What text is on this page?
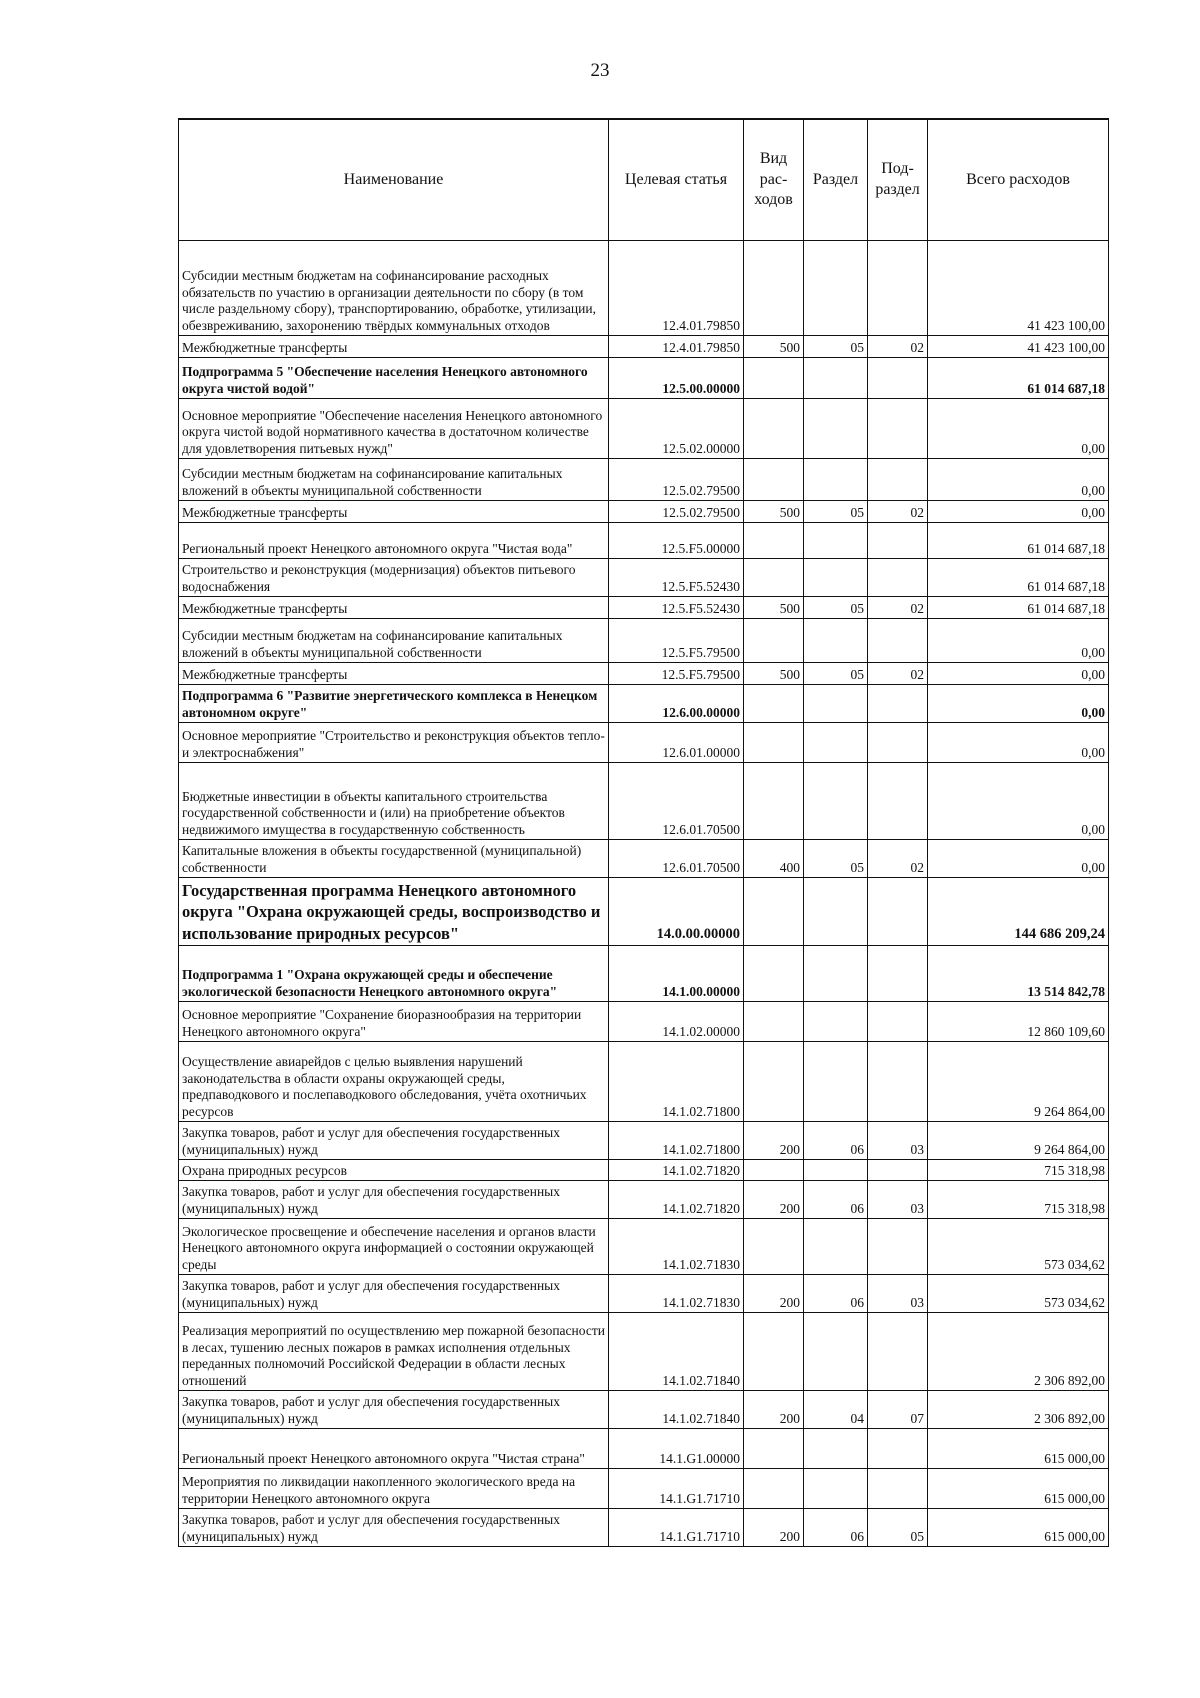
23
Наименование	Целевая статья	Вид рас-ходов	Раздел	Под-раздел	Всего расходов
Субсидии местным бюджетам на софинансирование расходных обязательств по участию в организации деятельности по сбору (в том числе раздельному сбору), транспортированию, обработке, утилизации, обезвреживанию, захоронению твёрдых коммунальных отходов	12.4.01.79850				41 423 100,00
Межбюджетные трансферты	12.4.01.79850	500	05	02	41 423 100,00
Подпрограмма 5 "Обеспечение населения Ненецкого автономного округа чистой водой"	12.5.00.00000				61 014 687,18
Основное мероприятие "Обеспечение населения Ненецкого автономного округа чистой водой нормативного качества в достаточном количестве для удовлетворения питьевых нужд"	12.5.02.00000				0,00
Субсидии местным бюджетам на софинансирование капитальных вложений в объекты муниципальной собственности	12.5.02.79500				0,00
Межбюджетные трансферты	12.5.02.79500	500	05	02	0,00
Региональный проект Ненецкого автономного округа "Чистая вода"	12.5.F5.00000				61 014 687,18
Строительство и реконструкция (модернизация) объектов питьевого водоснабжения	12.5.F5.52430				61 014 687,18
Межбюджетные трансферты	12.5.F5.52430	500	05	02	61 014 687,18
Субсидии местным бюджетам на софинансирование капитальных вложений в объекты муниципальной собственности	12.5.F5.79500				0,00
Межбюджетные трансферты	12.5.F5.79500	500	05	02	0,00
Подпрограмма 6 "Развитие энергетического комплекса в Ненецком автономном округе"	12.6.00.00000				0,00
Основное мероприятие "Строительство и реконструкция объектов тепло- и электроснабжения"	12.6.01.00000				0,00
Бюджетные инвестиции в объекты капитального строительства государственной собственности и (или) на приобретение объектов недвижимого имущества в государственную собственность	12.6.01.70500				0,00
Капитальные вложения в объекты государственной (муниципальной) собственности	12.6.01.70500	400	05	02	0,00
Государственная программа Ненецкого автономного округа "Охрана окружающей среды, воспроизводство и использование природных ресурсов"	14.0.00.00000				144 686 209,24
Подпрограмма 1 "Охрана окружающей среды и обеспечение экологической безопасности Ненецкого автономного округа"	14.1.00.00000				13 514 842,78
Основное мероприятие "Сохранение биоразнообразия на территории Ненецкого автономного округа"	14.1.02.00000				12 860 109,60
Осуществление авиарейдов с целью выявления нарушений законодательства в области охраны окружающей среды, предпаводкового и послепаводкового обследования, учёта охотничьих ресурсов	14.1.02.71800				9 264 864,00
Закупка товаров, работ и услуг для обеспечения государственных (муниципальных) нужд	14.1.02.71800	200	06	03	9 264 864,00
Охрана природных ресурсов	14.1.02.71820				715 318,98
Закупка товаров, работ и услуг для обеспечения государственных (муниципальных) нужд	14.1.02.71820	200	06	03	715 318,98
Экологическое просвещение и обеспечение населения и органов власти Ненецкого автономного округа информацией о состоянии окружающей среды	14.1.02.71830				573 034,62
Закупка товаров, работ и услуг для обеспечения государственных (муниципальных) нужд	14.1.02.71830	200	06	03	573 034,62
Реализация мероприятий по осуществлению мер пожарной безопасности в лесах, тушению лесных пожаров в рамках исполнения отдельных переданных полномочий Российской Федерации в области лесных отношений	14.1.02.71840				2 306 892,00
Закупка товаров, работ и услуг для обеспечения государственных (муниципальных) нужд	14.1.02.71840	200	04	07	2 306 892,00
Региональный проект Ненецкого автономного округа "Чистая страна"	14.1.G1.00000				615 000,00
Мероприятия по ликвидации накопленного экологического вреда на территории Ненецкого автономного округа	14.1.G1.71710				615 000,00
Закупка товаров, работ и услуг для обеспечения государственных (муниципальных) нужд	14.1.G1.71710	200	06	05	615 000,00
